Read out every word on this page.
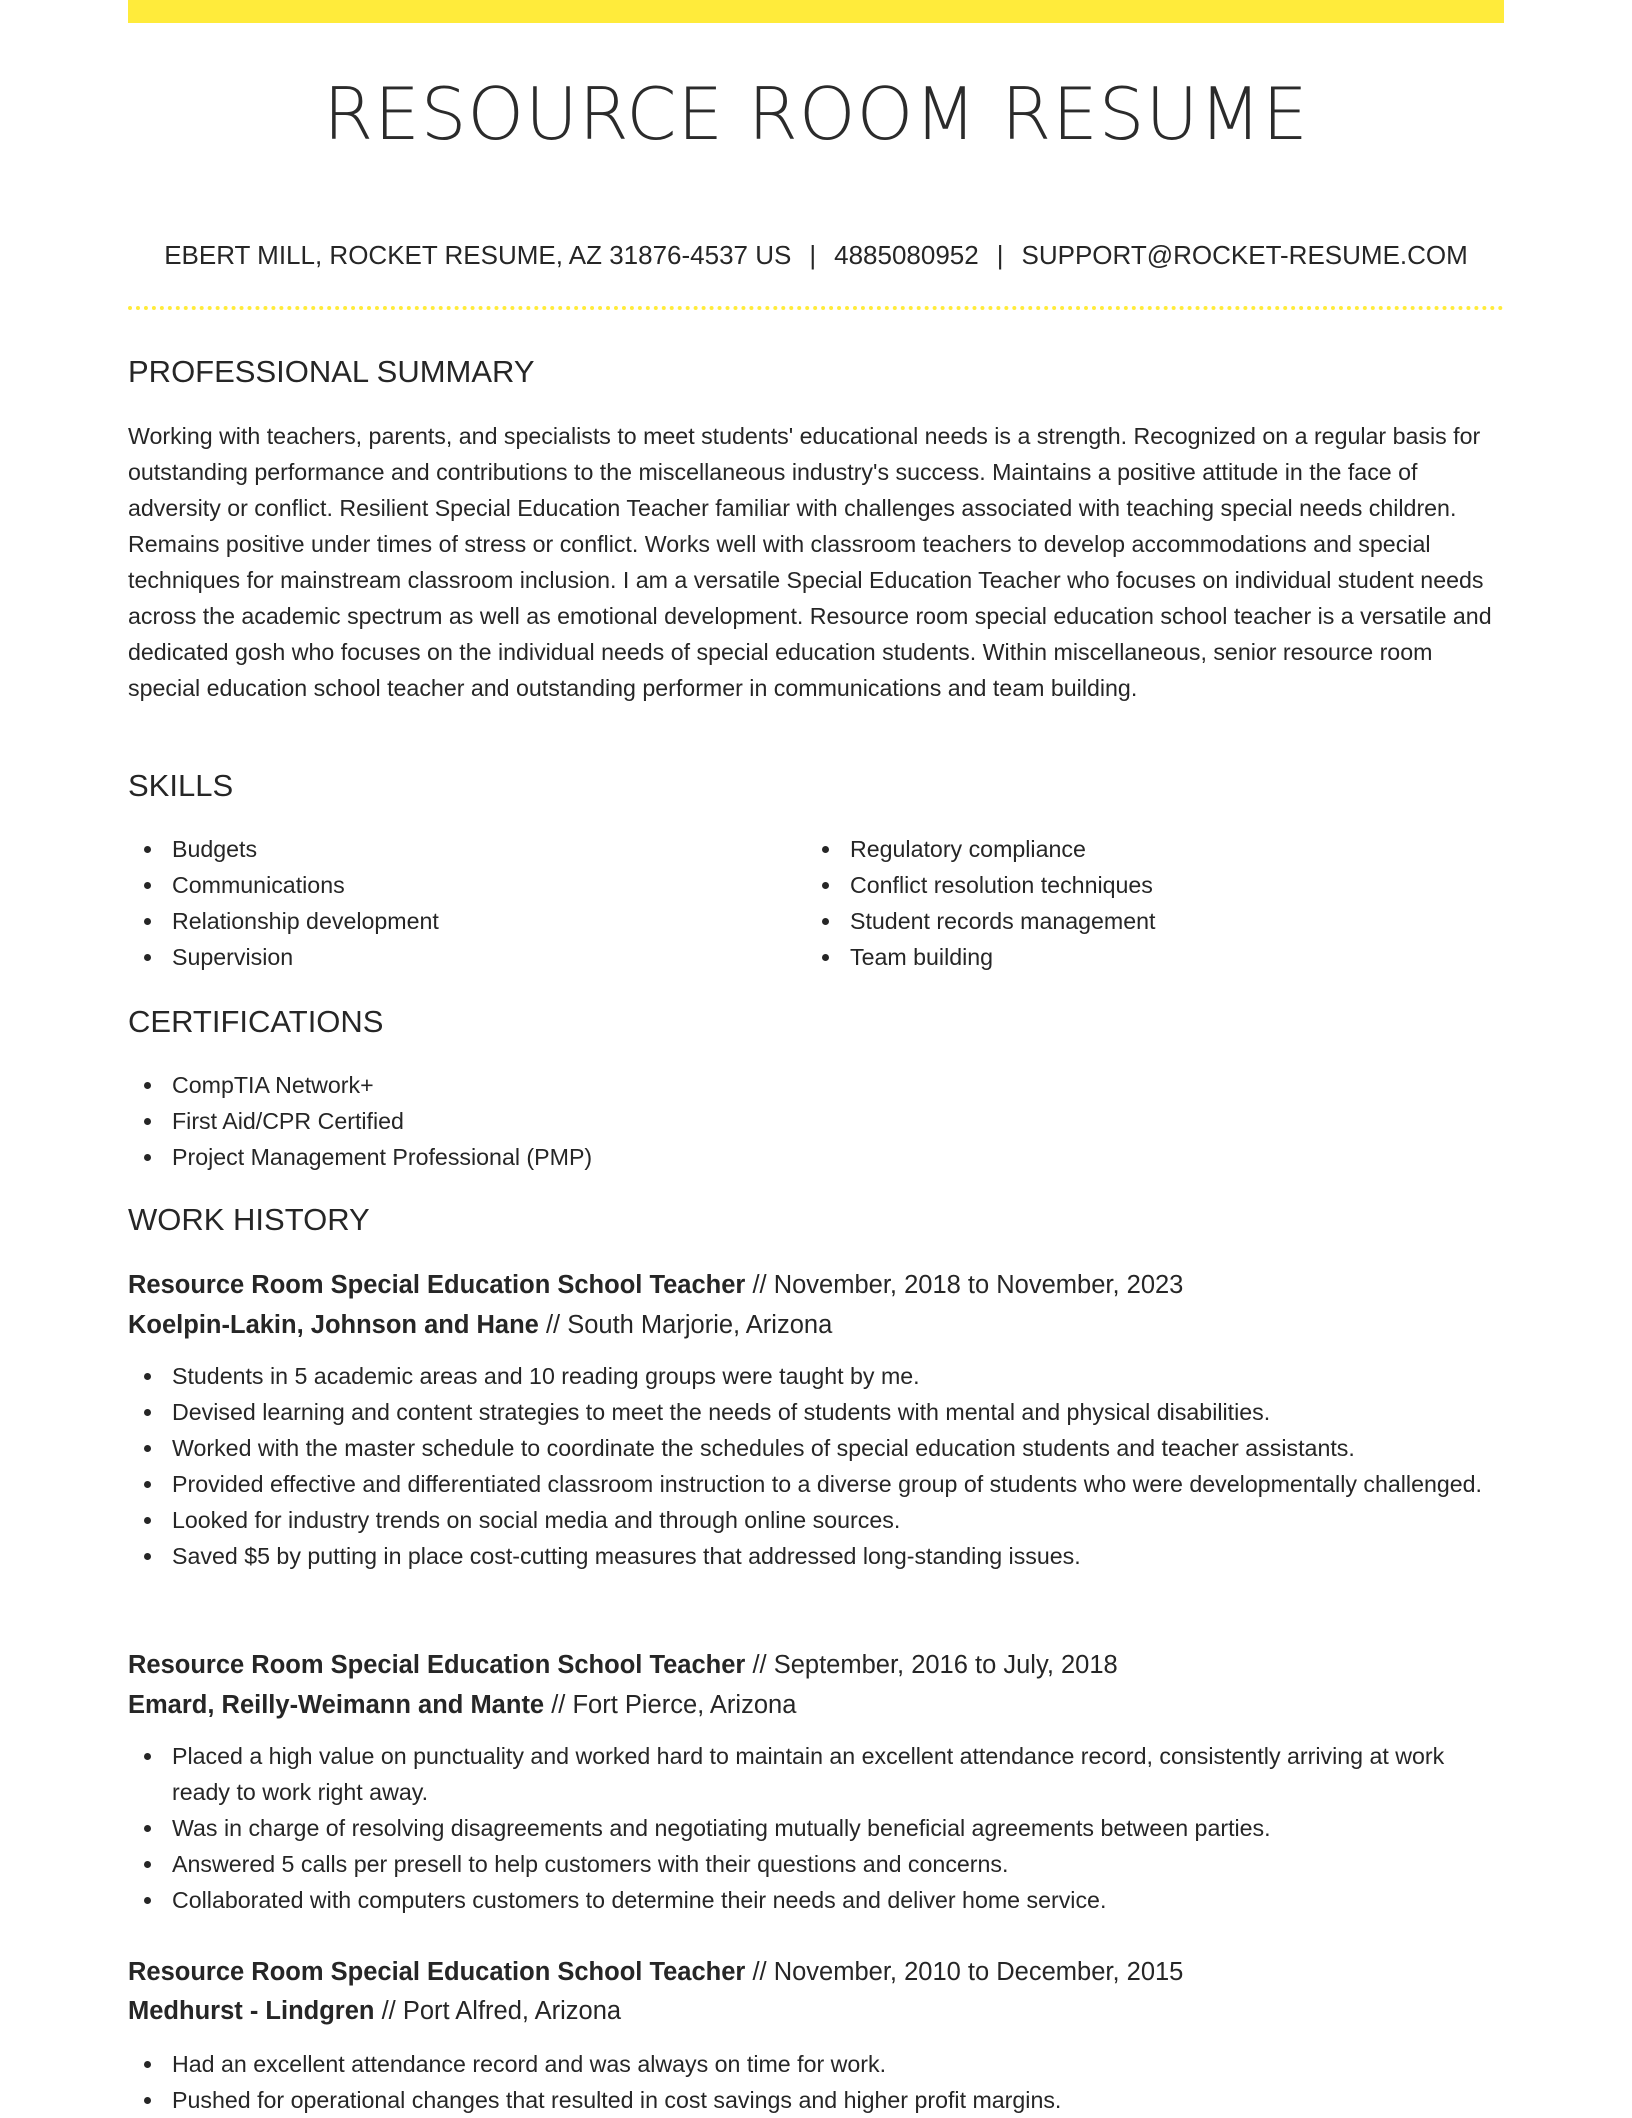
RESOURCE ROOM RESUME
EBERT MILL, ROCKET RESUME, AZ 31876-4537 US | 4885080952 | SUPPORT@ROCKET-RESUME.COM
PROFESSIONAL SUMMARY
Working with teachers, parents, and specialists to meet students' educational needs is a strength. Recognized on a regular basis for outstanding performance and contributions to the miscellaneous industry's success. Maintains a positive attitude in the face of adversity or conflict. Resilient Special Education Teacher familiar with challenges associated with teaching special needs children. Remains positive under times of stress or conflict. Works well with classroom teachers to develop accommodations and special techniques for mainstream classroom inclusion. I am a versatile Special Education Teacher who focuses on individual student needs across the academic spectrum as well as emotional development. Resource room special education school teacher is a versatile and dedicated gosh who focuses on the individual needs of special education students. Within miscellaneous, senior resource room special education school teacher and outstanding performer in communications and team building.
SKILLS
Budgets
Communications
Relationship development
Supervision
Regulatory compliance
Conflict resolution techniques
Student records management
Team building
CERTIFICATIONS
CompTIA Network+
First Aid/CPR Certified
Project Management Professional (PMP)
WORK HISTORY
Resource Room Special Education School Teacher // November, 2018 to November, 2023
Koelpin-Lakin, Johnson and Hane // South Marjorie, Arizona
Students in 5 academic areas and 10 reading groups were taught by me.
Devised learning and content strategies to meet the needs of students with mental and physical disabilities.
Worked with the master schedule to coordinate the schedules of special education students and teacher assistants.
Provided effective and differentiated classroom instruction to a diverse group of students who were developmentally challenged.
Looked for industry trends on social media and through online sources.
Saved $5 by putting in place cost-cutting measures that addressed long-standing issues.
Resource Room Special Education School Teacher // September, 2016 to July, 2018
Emard, Reilly-Weimann and Mante // Fort Pierce, Arizona
Placed a high value on punctuality and worked hard to maintain an excellent attendance record, consistently arriving at work ready to work right away.
Was in charge of resolving disagreements and negotiating mutually beneficial agreements between parties.
Answered 5 calls per presell to help customers with their questions and concerns.
Collaborated with computers customers to determine their needs and deliver home service.
Resource Room Special Education School Teacher // November, 2010 to December, 2015
Medhurst - Lindgren // Port Alfred, Arizona
Had an excellent attendance record and was always on time for work.
Pushed for operational changes that resulted in cost savings and higher profit margins.
